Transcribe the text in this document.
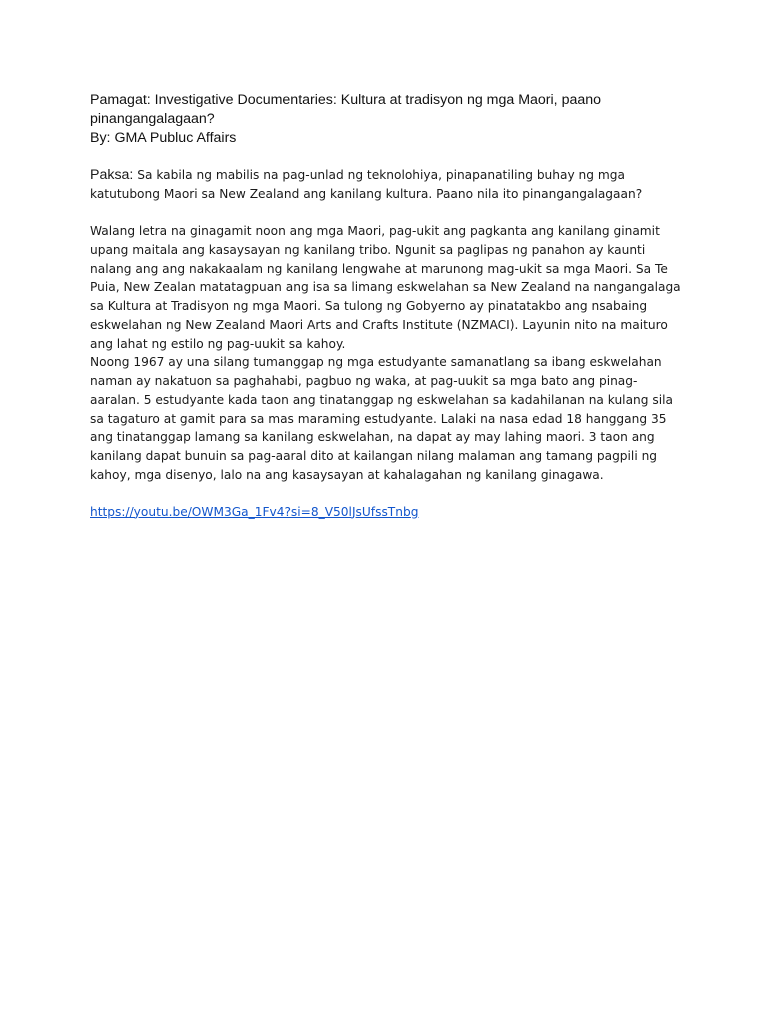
Pamagat: Investigative Documentaries: Kultura at tradisyon ng mga Maori, paano pinangangalagaan?
By: GMA Publuc Affairs
Paksa: Sa kabila ng mabilis na pag-unlad ng teknolohiya, pinapanatiling buhay ng mga katutubong Maori sa New Zealand ang kanilang kultura. Paano nila ito pinangangalagaan?

Walang letra na ginagamit noon ang mga Maori, pag-ukit ang pagkanta ang kanilang ginamit upang maitala ang kasaysayan ng kanilang tribo. Ngunit sa paglipas ng panahon ay kaunti nalang ang ang nakakaalam ng kanilang lengwahe at marunong mag-ukit sa mga Maori. Sa Te Puia, New Zealan matatagpuan ang isa sa limang eskwelahan sa New Zealand na nangangalaga sa Kultura at Tradisyon ng mga Maori. Sa tulong ng Gobyerno ay pinatatakbo ang nsabaing eskwelahan ng New Zealand Maori Arts and Crafts Institute (NZMACI). Layunin nito na maituro ang lahat ng estilo ng pag-uukit sa kahoy.

Noong 1967 ay una silang tumanggap ng mga estudyante samanatlang sa ibang eskwelahan naman ay nakatuon sa paghahabi, pagbuo ng waka, at pag-uukit sa mga bato ang pinag-aaralan. 5 estudyante kada taon ang tinatanggap ng eskwelahan sa kadahilanan na kulang sila sa tagaturo at gamit para sa mas maraming estudyante. Lalaki na nasa edad 18 hanggang 35 ang tinatanggap lamang sa kanilang eskwelahan, na dapat ay may lahing maori. 3 taon ang kanilang dapat bunuin sa pag-aaral dito at kailangan nilang malaman ang tamang pagpili ng kahoy, mga disenyo, lalo na ang kasaysayan at kahalagahan ng kanilang ginagawa.

https://youtu.be/OWM3Ga_1Fv4?si=8_V50lJsUfssTnbg
